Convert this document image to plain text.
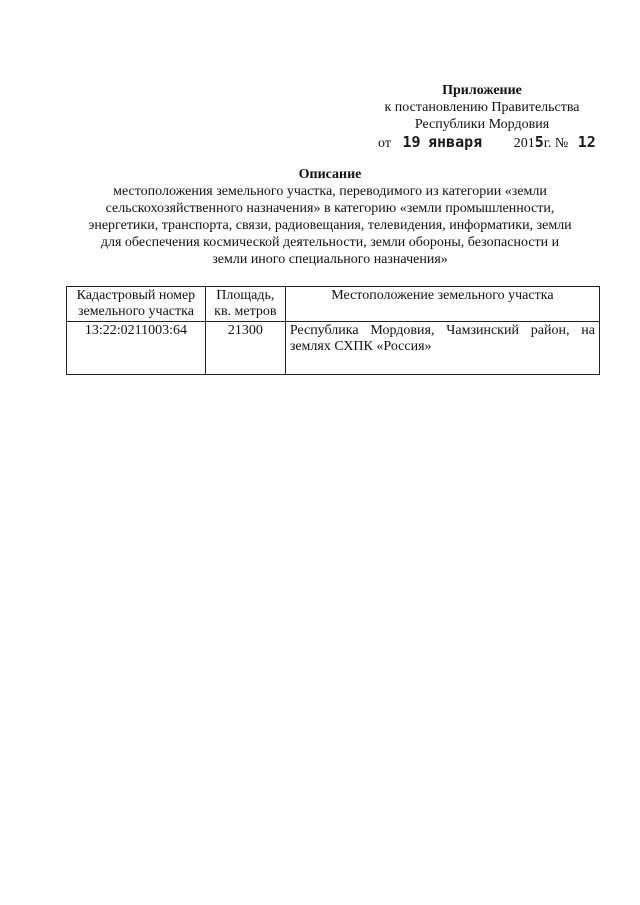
Приложение
к постановлению Правительства
Республики Мордовия
от 19 января 2015г. № 12
Описание
местоположения земельного участка, переводимого из категории «земли
сельскохозяйственного назначения» в категорию «земли промышленности,
энергетики, транспорта, связи, радиовещания, телевидения, информатики, земли
для обеспечения космической деятельности, земли обороны, безопасности и
земли иного специального назначения»
Кадастровый номер земельного участка	Площадь, кв. метров	Местоположение земельного участка
13:22:0211003:64	21300	Республика Мордовия, Чамзинский район, на землях СХПК «Россия»
